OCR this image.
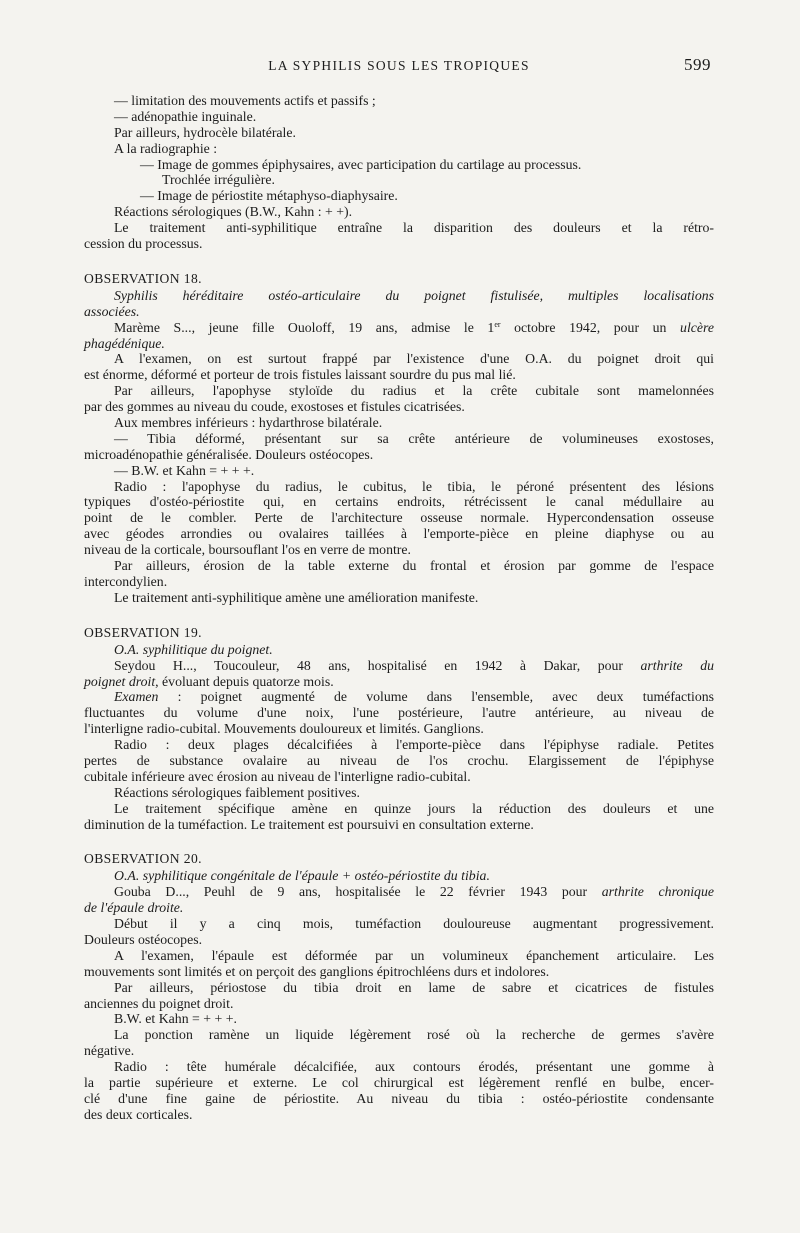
LA SYPHILIS SOUS LES TROPIQUES	599
— limitation des mouvements actifs et passifs ;
— adénopathie inguinale.
Par ailleurs, hydrocèle bilatérale.
A la radiographie :
— Image de gommes épiphysaires, avec participation du cartilage au processus.
Trochlée irrégulière.
— Image de périostite métaphyso-diaphysaire.
Réactions sérologiques (B.W., Kahn : + +).
Le traitement anti-syphilitique entraîne la disparition des douleurs et la rétro-
cession du processus.
OBSERVATION 18.
Syphilis héréditaire ostéo-articulaire du poignet fistulisée, multiples localisations
associées.
Marème S..., jeune fille Ouoloff, 19 ans, admise le 1er octobre 1942, pour un ulcère
phagédénique.
A l'examen, on est surtout frappé par l'existence d'une O.A. du poignet droit qui
est énorme, déformé et porteur de trois fistules laissant sourdre du pus mal lié.
Par ailleurs, l'apophyse styloïde du radius et la crête cubitale sont mamelonnées
par des gommes au niveau du coude, exostoses et fistules cicatrisées.
Aux membres inférieurs : hydarthrose bilatérale.
— Tibia déformé, présentant sur sa crête antérieure de volumineuses exostoses,
microadénopathie généralisée. Douleurs ostéocopes.
— B.W. et Kahn = + + +.
Radio : l'apophyse du radius, le cubitus, le tibia, le péroné présentent des lésions
typiques d'ostéo-périostite qui, en certains endroits, rétrécissent le canal médullaire au
point de le combler. Perte de l'architecture osseuse normale. Hypercondensation osseuse
avec géodes arrondies ou ovalaires taillées à l'emporte-pièce en pleine diaphyse ou au
niveau de la corticale, boursouflant l'os en verre de montre.
Par ailleurs, érosion de la table externe du frontal et érosion par gomme de l'espace
intercondylien.
Le traitement anti-syphilitique amène une amélioration manifeste.
OBSERVATION 19.
O.A. syphilitique du poignet.
Seydou H..., Toucouleur, 48 ans, hospitalisé en 1942 à Dakar, pour arthrite du
poignet droit, évoluant depuis quatorze mois.
Examen : poignet augmenté de volume dans l'ensemble, avec deux tuméfactions
fluctuantes du volume d'une noix, l'une postérieure, l'autre antérieure, au niveau de
l'interligne radio-cubital. Mouvements douloureux et limités. Ganglions.
Radio : deux plages décalcifiées à l'emporte-pièce dans l'épiphyse radiale. Petites
pertes de substance ovalaire au niveau de l'os crochu. Elargissement de l'épiphyse
cubitale inférieure avec érosion au niveau de l'interligne radio-cubital.
Réactions sérologiques faiblement positives.
Le traitement spécifique amène en quinze jours la réduction des douleurs et une
diminution de la tuméfaction. Le traitement est poursuivi en consultation externe.
OBSERVATION 20.
O.A. syphilitique congénitale de l'épaule + ostéo-périostite du tibia.
Gouba D..., Peuhl de 9 ans, hospitalisée le 22 février 1943 pour arthrite chronique
de l'épaule droite.
Début il y a cinq mois, tuméfaction douloureuse augmentant progressivement.
Douleurs ostéocopes.
A l'examen, l'épaule est déformée par un volumineux épanchement articulaire. Les
mouvements sont limités et on perçoit des ganglions épitrochléens durs et indolores.
Par ailleurs, périostose du tibia droit en lame de sabre et cicatrices de fistules
anciennes du poignet droit.
B.W. et Kahn = + + +.
La ponction ramène un liquide légèrement rosé où la recherche de germes s'avère
négative.
Radio : tête humérale décalcifiée, aux contours érodés, présentant une gomme à
la partie supérieure et externe. Le col chirurgical est légèrement renflé en bulbe, encer-
clé d'une fine gaine de périostite. Au niveau du tibia : ostéo-périostite condensante
des deux corticales.
